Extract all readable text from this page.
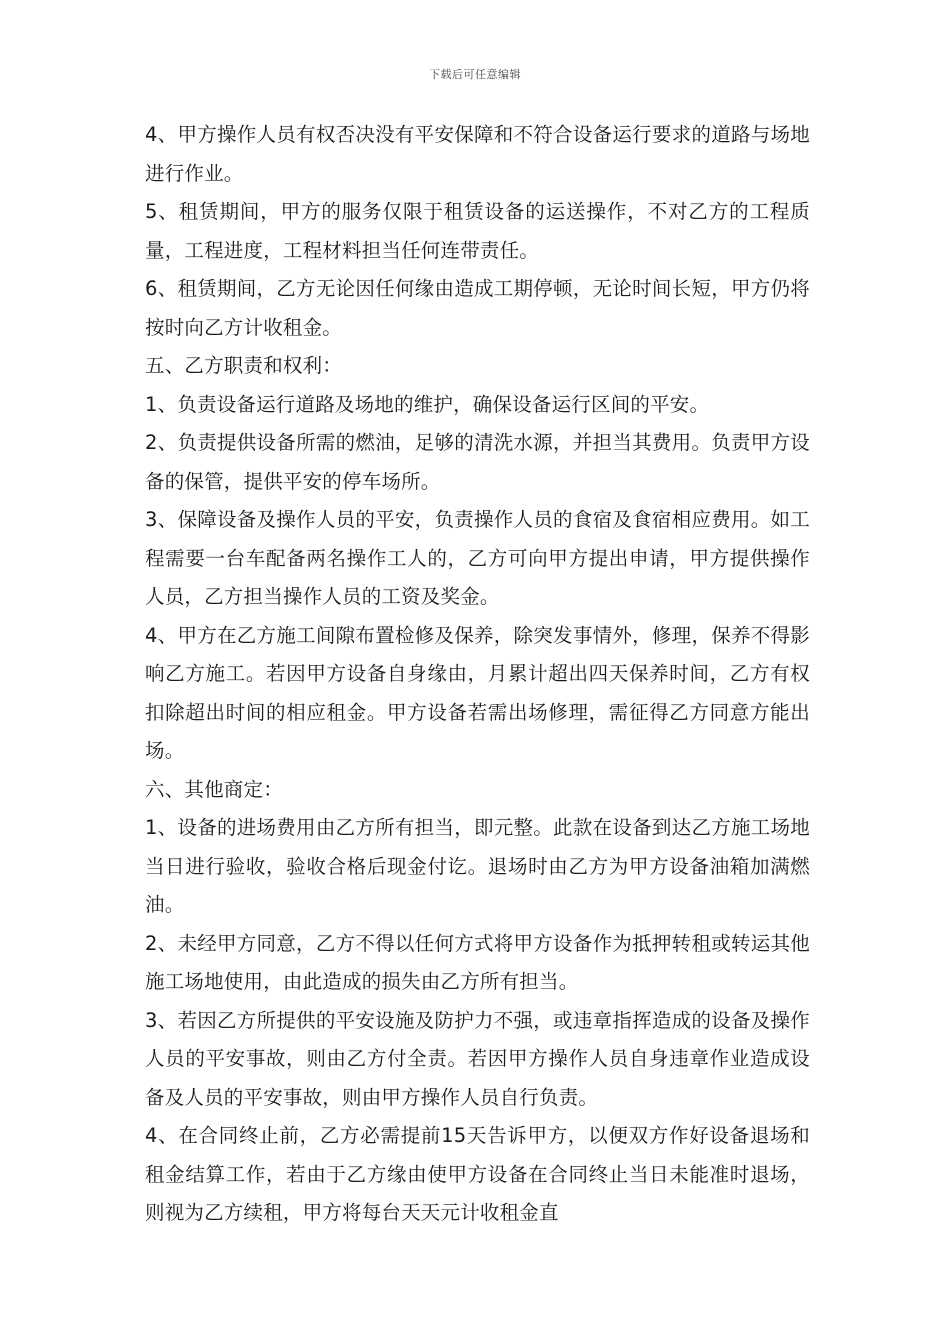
下载后可任意编辑

4、甲方操作人员有权否决没有平安保障和不符合设备运行要求的道路与场地进行作业。

5、租赁期间，甲方的服务仅限于租赁设备的运送操作，不对乙方的工程质量，工程进度，工程材料担当任何连带责任。

6、租赁期间，乙方无论因任何缘由造成工期停顿，无论时间长短，甲方仍将按时向乙方计收租金。

五、乙方职责和权利：

1、负责设备运行道路及场地的维护，确保设备运行区间的平安。

2、负责提供设备所需的燃油，足够的清洗水源，并担当其费用。负责甲方设备的保管，提供平安的停车场所。

3、保障设备及操作人员的平安，负责操作人员的食宿及食宿相应费用。如工程需要一台车配备两名操作工人的，乙方可向甲方提出申请，甲方提供操作人员，乙方担当操作人员的工资及奖金。

4、甲方在乙方施工间隙布置检修及保养，除突发事情外，修理，保养不得影响乙方施工。若因甲方设备自身缘由，月累计超出四天保养时间，乙方有权扣除超出时间的相应租金。甲方设备若需出场修理，需征得乙方同意方能出场。

六、其他商定：

1、设备的进场费用由乙方所有担当，即元整。此款在设备到达乙方施工场地当日进行验收，验收合格后现金付讫。退场时由乙方为甲方设备油箱加满燃油。

2、未经甲方同意，乙方不得以任何方式将甲方设备作为抵押转租或转运其他施工场地使用，由此造成的损失由乙方所有担当。

3、若因乙方所提供的平安设施及防护力不强，或违章指挥造成的设备及操作人员的平安事故，则由乙方付全责。若因甲方操作人员自身违章作业造成设备及人员的平安事故，则由甲方操作人员自行负责。

4、在合同终止前，乙方必需提前15天告诉甲方，以便双方作好设备退场和租金结算工作，若由于乙方缘由使甲方设备在合同终止当日未能准时退场，则视为乙方续租，甲方将每台天天元计收租金直
